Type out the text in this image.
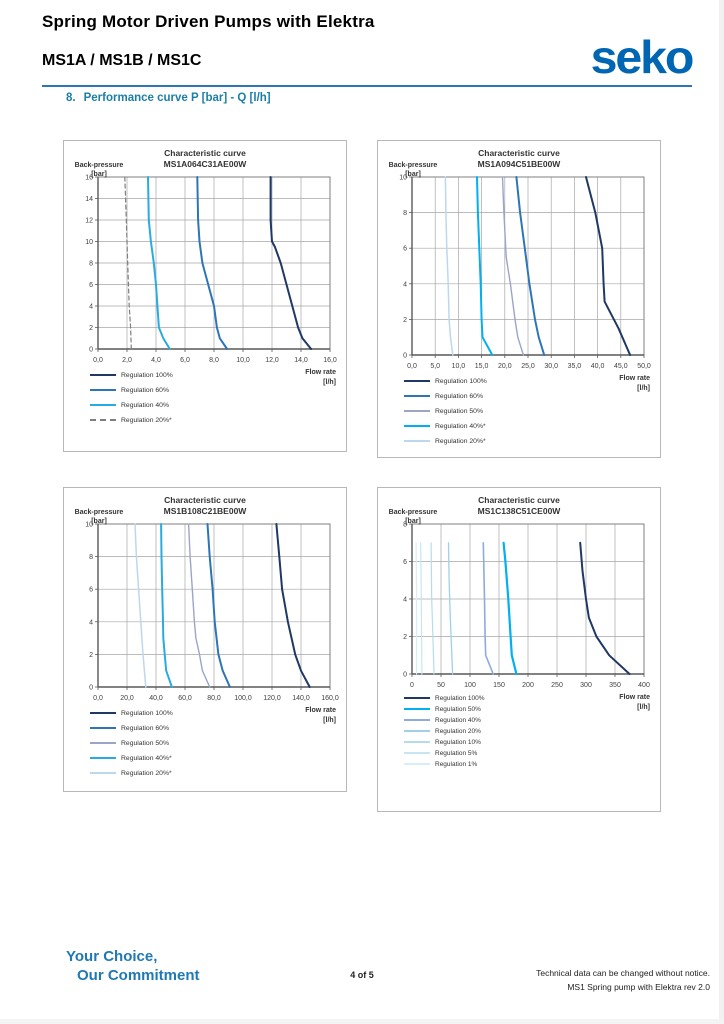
Spring Motor Driven Pumps with Elektra
MS1A / MS1B / MS1C	seko
8. Performance curve P [bar] - Q [l/h]
Characteristic curve
MS1A064C31AE00W
Back-pressure
[bar]
0,0	2,0	4,0	6,0	8,0 10,0 12,0 14,0 16,0
0
2
4
6
8
10
12
14
16
Regulation 100%
Regulation 60%
Regulation 40%
Regulation 20%*
Flow rate
[l/h]
Characteristic curve
MS1A094C51BE00W
Back-pressure
[bar]
0,0 5,0 10,0 15,0 20,0 25,0 30,0 35,0 40,0 45,0 50,0
0
2
4
6
8
10
Regulation 100%
Regulation 60%
Regulation 50%
Regulation 40%*
Regulation 20%*
Flow rate
[l/h]
Characteristic curve
MS1B108C21BE00W
Back-pressure
[bar]
0,0 20,0 40,0 60,0 80,0 100,0 120,0 140,0 160,0
0
2
4
6
8
10
Regulation 100%
Regulation 60%
Regulation 50%
Regulation 40%*
Regulation 20%*
Flow rate
[l/h]
Characteristic curve
MS1C138C51CE00W
Back-pressure
[bar]
0	50	100 150 200 250 300 350 400
0
2
4
6
8
Regulation 100%
Regulation 50%
Regulation 40%
Regulation 20%
Regulation 10%
Regulation 5%
Regulation 1%
Flow rate
[l/h]
Your Choice,
Our Commitment	4 of 5	Technical data can be changed without notice.
MS1 Spring pump with Elektra rev 2.0
